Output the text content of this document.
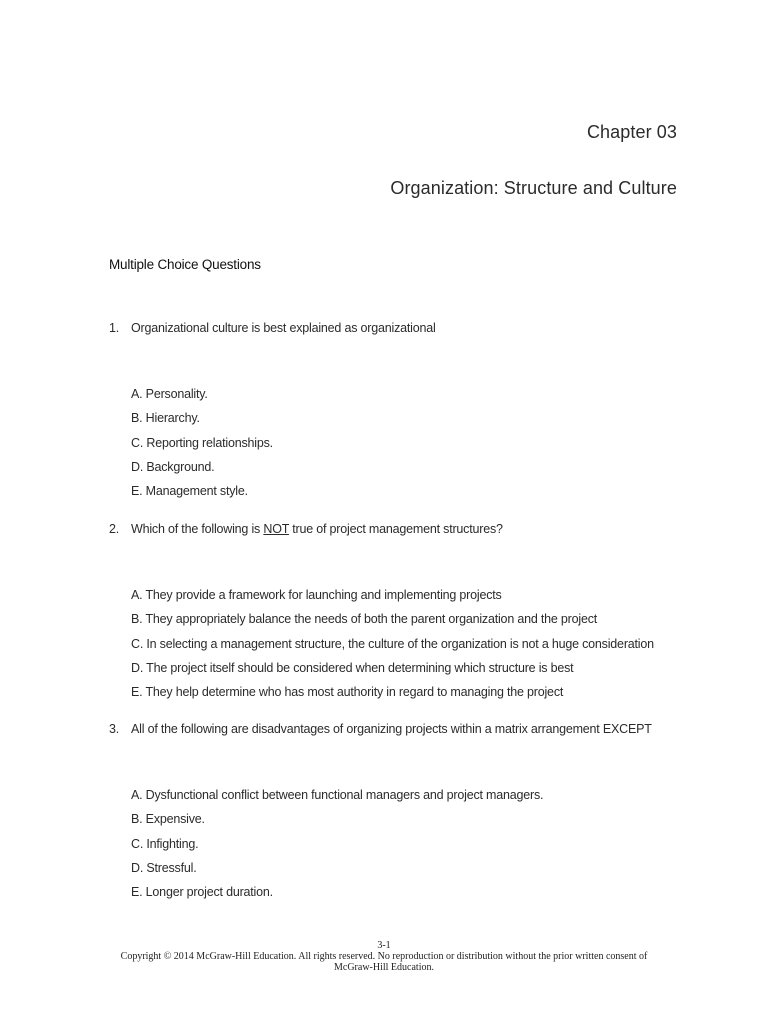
Chapter 03
Organization: Structure and Culture
Multiple Choice Questions
1. Organizational culture is best explained as organizational
A. Personality.
B. Hierarchy.
C. Reporting relationships.
D. Background.
E. Management style.
2. Which of the following is NOT true of project management structures?
A. They provide a framework for launching and implementing projects
B. They appropriately balance the needs of both the parent organization and the project
C. In selecting a management structure, the culture of the organization is not a huge consideration
D. The project itself should be considered when determining which structure is best
E. They help determine who has most authority in regard to managing the project
3. All of the following are disadvantages of organizing projects within a matrix arrangement EXCEPT
A. Dysfunctional conflict between functional managers and project managers.
B. Expensive.
C. Infighting.
D. Stressful.
E. Longer project duration.
3-1
Copyright © 2014 McGraw-Hill Education. All rights reserved. No reproduction or distribution without the prior written consent of McGraw-Hill Education.
